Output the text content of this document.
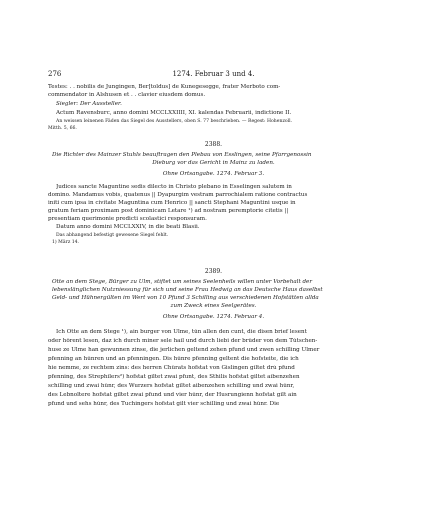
276	1274. Februar 3 und 4.
Testes: . . nobilis de Jungingen, Ber[toldus] de Kunegesegge, frater Merboto com-
commendator in Alshusen et . . clavier eiusdem domus.
Siegler: Der Aussteller.
Actum Ravensburc, anno domini MCCLXXIIII, XI. kalendas Februarii, indictione II.
An weissen leinenen Fäden das Siegel des Ausstellers, oben S. 77 beschrieben. — Regest: Hohenzoll.
Mitth. 5, 66.
2388.
Die Richter des Mainzer Stuhls beauftragen den Plebau von Esslingen, seine Pfarrgenossin
Dieburg vor das Gericht in Mainz zu laden.
Ohne Ortsangabe. 1274. Februar 3.
Judices sancte Maguntine sedis dilecto in Christo plebano in Esselingen salutem in
domino. Mandamus vobis, quatenus || Dyapurgim vestram parrochialem ratione contractus
initi cum ipsa in civitate Maguntina cum Henrico || sancti Stephani Maguntini usque in
gratum feriam proximam post dominicam Letare ¹) ad nostram peremptorie citetis ||
presentiam querimonie predicti scolastici responsuram.
Datum anno domini MCCLXXIV, in die beati Blasii.
Das abhangend befestigt gewesene Siegel fehlt.
1) März 14.
2389.
Otte an dem Stege, Bürger zu Ulm, stiftet um seines Seelenheils willen unter Vorbehalt der
lebenslänglichen Nutzniessung für sich und seine Frau Hedwig an das Deutsche Haus daselbst
Geld- und Hühnergülten im Wert von 10 Pfund 3 Schilling aus verschiedenen Hofstätten allda
zum Zweck eines Seelgerätes.
Ohne Ortsangabe. 1274. Februar 4.
Ich Otte an dem Stege ¹), ain burger von Ulme, tůn allen den cunt, die disen brief lesent
oder hôrent lesen, daz ich durch miner sele hail und durch liebi der brůder von dem Tůtschen-
huse ze Ulme han gewunnen zinse, die jerlichen geltend zehen pfund und zwen schilling Ulmer
pfenning an hûnren und an pfenningen. Dis hûnre pfenning geltent die hofsteite, die ich
hie nemme, ze rechtem zins: des herren Chûrats hofstat von Gislingen giltet drú pfund
pfenning, des Strephilers²) hofstat giltet zwai pfunt, des Sthilis hofstat giltet aibenzehen
schilling und zwai hůnr, des Wurzers hofstat giltet aibenzehen schilling und zwai hůnr,
des Lebnoltere hofstat giltet zwai pfund und vier hûnr, der Husrungienn hofstat gilt ain
pfund und sehs hůnr, des Tuchingers hofstat gilt vier schilling und zwai hůnr. Die
